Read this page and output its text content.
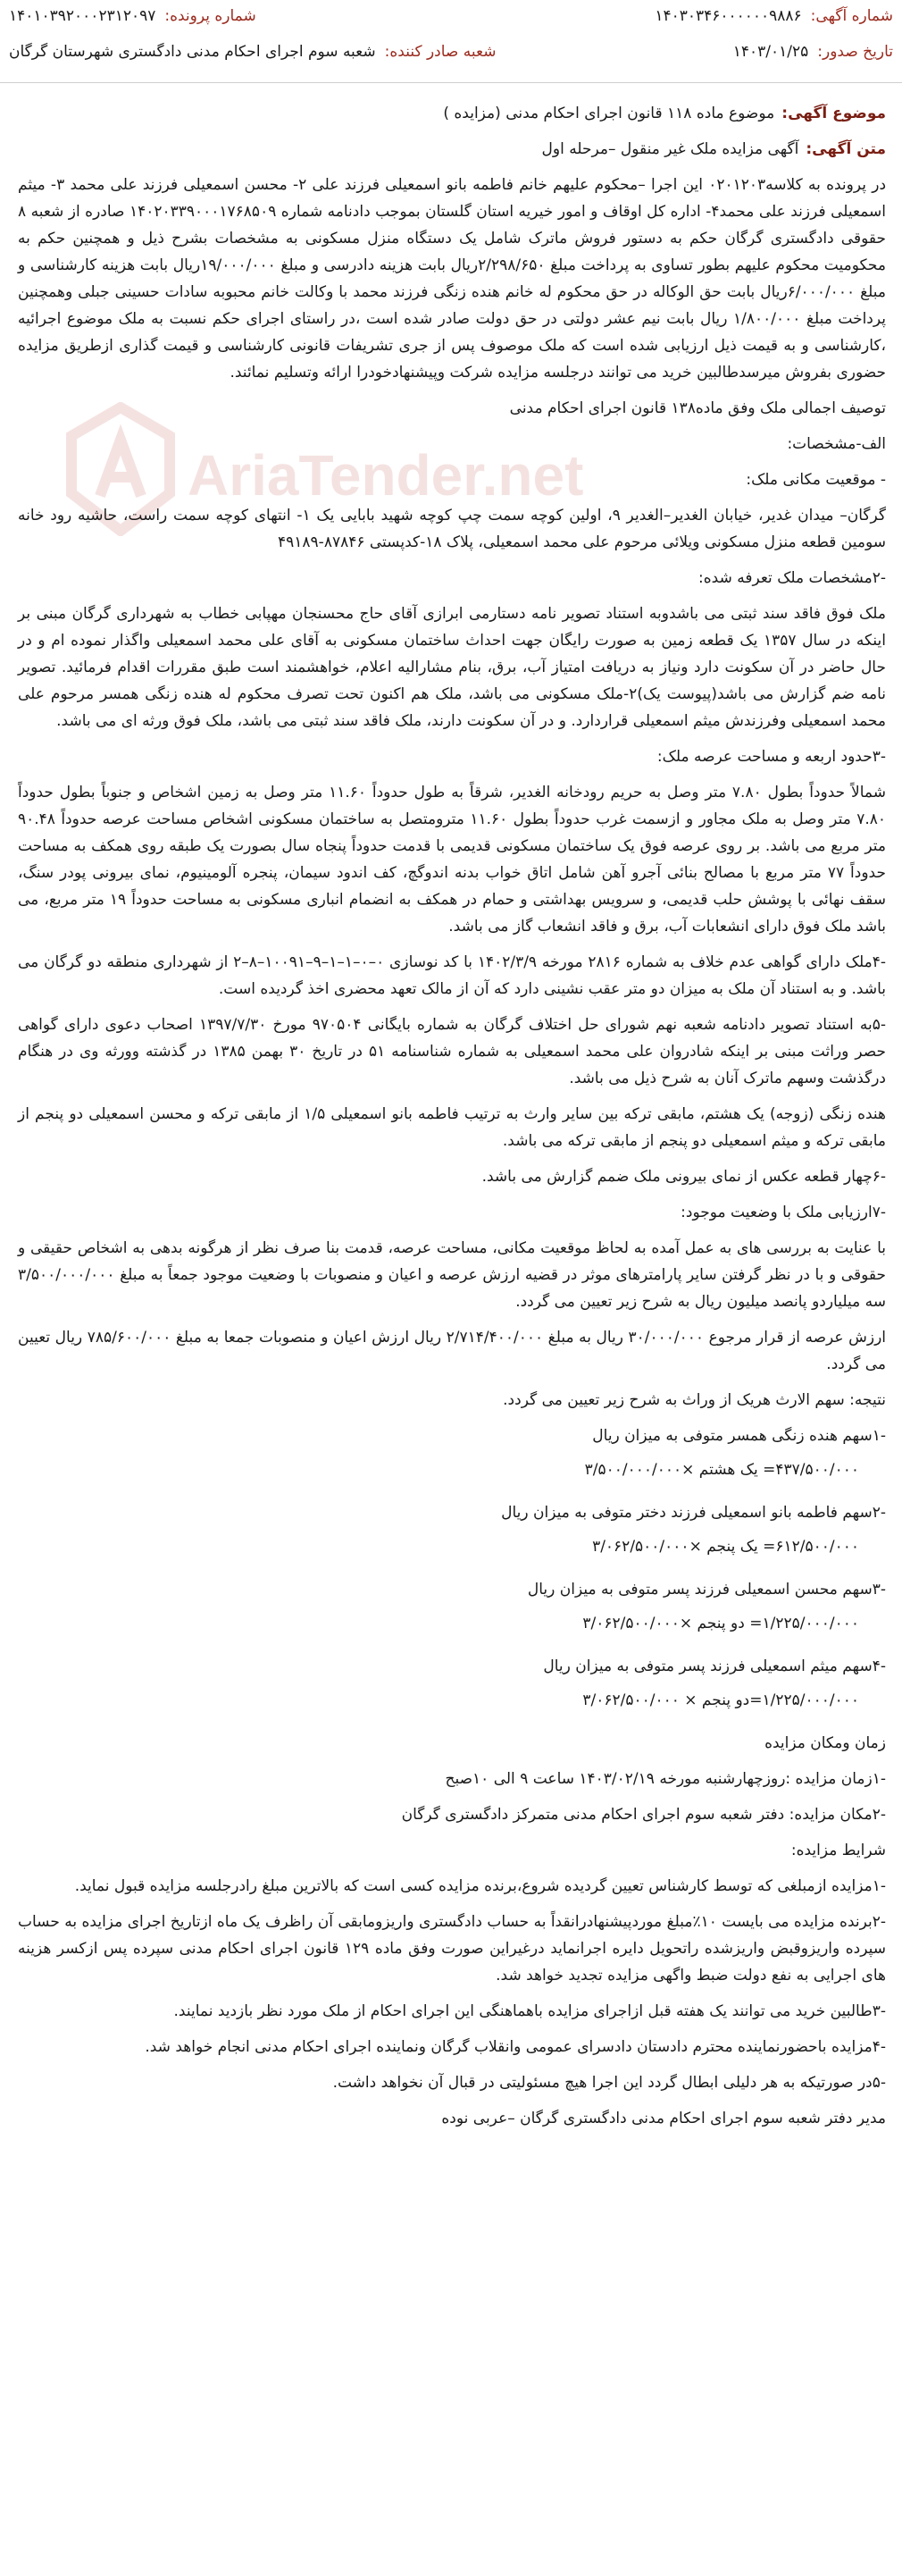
شماره آگهی:۱۴۰۳۰۳۴۶۰۰۰۰۰۰۹۸۸۶
شماره پرونده:۱۴۰۱۰۳۹۲۰۰۰۲۳۱۲۰۹۷
تاریخ صدور:۱۴۰۳/۰۱/۲۵
شعبه صادر کننده:شعبه سوم اجرای احکام مدنی دادگستری شهرستان گرگان
AriaTender.net

موضوع آگهی:موضوع ماده ۱۱۸ قانون اجرای احکام مدنی (مزایده )

متن آگهی:آگهی مزایده ملک غیر منقول –مرحله اول

در پرونده به کلاسه۰۲۰۱۲۰۳ این اجرا –محکوم علیهم خانم فاطمه بانو اسمعیلی فرزند علی ۲- محسن اسمعیلی فرزند علی محمد ۳- میثم اسمعیلی فرزند علی محمد۴- اداره کل اوقاف و امور خیریه استان گلستان بموجب دادنامه شماره ۱۴۰۲۰۳۳۹۰۰۰۱۷۶۸۵۰۹ صادره از شعبه ۸ حقوقی دادگستری گرگان حکم به دستور فروش ماترک شامل یک دستگاه منزل مسکونی به مشخصات بشرح ذیل و همچنین حکم به محکومیت محکوم علیهم بطور تساوی به پرداخت مبلغ ۲/۲۹۸/۶۵۰ریال بابت هزینه دادرسی و مبلغ ۱۹/۰۰۰/۰۰۰ریال بابت هزینه کارشناسی و مبلغ ۶/۰۰۰/۰۰۰ریال بابت حق الوکاله در حق محکوم له خانم هنده زنگی فرزند محمد با وکالت خانم محبوبه سادات حسینی جبلی وهمچنین پرداخت مبلغ ۱/۸۰۰/۰۰۰ ریال بابت نیم عشر دولتی در حق دولت صادر شده است ،در راستای اجرای حکم نسبت به ملک موضوع اجرائیه ،کارشناسی و به قیمت ذیل ارزیابی شده است که ملک موصوف پس از جری تشریفات قانونی کارشناسی و قیمت گذاری ازطریق مزایده حضوری بفروش میرسدطالبین خرید می توانند درجلسه مزایده شرکت وپیشنهادخودرا ارائه وتسلیم نمائند.

توصیف اجمالی ملک وفق ماده۱۳۸ قانون اجرای احکام مدنی

الف-مشخصات:

- موقعیت مکانی ملک:

گرگان– میدان غدیر، خیابان الغدیر–الغدیر ۹، اولین کوچه سمت چپ کوچه شهید بابایی یک ۱- انتهای کوچه سمت راست، حاشیه رود خانه سومین قطعه منزل مسکونی ویلائی مرحوم علی محمد اسمعیلی، پلاک ۱۸-کدپستی ۸۷۸۴۶-۴۹۱۸۹

-۲مشخصات ملک تعرفه شده:

ملک فوق فاقد سند ثبتی می باشدوبه استناد تصویر نامه دستارمی ابرازی آقای حاج محسنجان مهپابی خطاب به شهرداری گرگان مبنی بر اینکه در سال ۱۳۵۷ یک قطعه زمین به صورت رایگان جهت احداث ساختمان مسکونی به آقای علی محمد اسمعیلی واگذار نموده ام و در حال حاضر در آن سکونت دارد ونیاز به دریافت امتیاز آب، برق، بنام مشارالیه اعلام، خواهشمند است طبق مقررات اقدام فرمائید. تصویر نامه ضم گزارش می باشد(پیوست یک)۲-ملک مسکونی می باشد، ملک هم اکنون تحت تصرف محکوم له هنده زنگی همسر مرحوم علی محمد اسمعیلی وفرزندش میثم اسمعیلی قراردارد. و در آن سکونت دارند، ملک فاقد سند ثبتی می باشد، ملک فوق ورثه ای می باشد.

-۳حدود اربعه و مساحت عرصه ملک:

شمالاً حدوداً بطول ۷.۸۰ متر وصل به حریم رودخانه الغدیر، شرقاً به طول حدوداً ۱۱.۶۰ متر وصل به زمین اشخاص و جنوباً بطول حدوداً ۷.۸۰ متر وصل به ملک مجاور و ازسمت غرب حدوداً بطول ۱۱.۶۰ مترومتصل به ساختمان مسکونی اشخاص مساحت عرصه حدوداً ۹۰.۴۸ متر مربع می باشد. بر روی عرصه فوق یک ساختمان مسکونی قدیمی با قدمت حدوداً پنجاه سال بصورت یک طبقه روی همکف به مساحت حدوداً ۷۷ متر مربع با مصالح بنائی آجرو آهن شامل اتاق خواب بدنه اندوگچ، کف اندود سیمان، پنجره آلومینیوم، نمای بیرونی پودر سنگ، سقف نهائی با پوشش حلب قدیمی، و سرویس بهداشتی و حمام در همکف به انضمام انباری مسکونی به مساحت حدوداً ۱۹ متر مربع، می باشد ملک فوق دارای انشعابات آب، برق و فاقد انشعاب گاز می باشد.

-۴ملک دارای گواهی عدم خلاف به شماره ۲۸۱۶ مورخه ۱۴۰۲/۳/۹ با کد نوسازی ۰–۰–۱–۱–۹–۱۰۰۹۱–۸–۲ از شهرداری منطقه دو گرگان می باشد. و به استناد آن ملک به میزان دو متر عقب نشینی دارد که آن از مالک تعهد محضری اخذ گردیده است.

-۵به استناد تصویر دادنامه شعبه نهم شورای حل اختلاف گرگان به شماره بایگانی ۹۷۰۵۰۴ مورخ ۱۳۹۷/۷/۳۰ اصحاب دعوی دارای گواهی حصر وراثت مبنی بر اینکه شادروان علی محمد اسمعیلی به شماره شناسنامه ۵۱ در تاریخ ۳۰ بهمن ۱۳۸۵ در گذشته وورثه وی در هنگام درگذشت وسهم ماترک آنان به شرح ذیل می باشد.

هنده زنگی (زوجه) یک هشتم، مابقی ترکه بین سایر وارث به ترتیب فاطمه بانو اسمعیلی ۱/۵ از مابقی ترکه و محسن اسمعیلی دو پنجم از مابقی ترکه و میثم اسمعیلی دو پنجم از مابقی ترکه می باشد.

-۶چهار قطعه عکس از نمای بیرونی ملک ضمم گزارش می باشد.

-۷ارزیابی ملک با وضعیت موجود:

با عنایت به بررسی های به عمل آمده به لحاظ موقعیت مکانی، مساحت عرصه، قدمت بنا صرف نظر از هرگونه بدهی به اشخاص حقیقی و حقوقی و با در نظر گرفتن سایر پارامترهای موثر در قضیه ارزش عرصه و اعیان و منصوبات با وضعیت موجود جمعاً به مبلغ ۳/۵۰۰/۰۰۰/۰۰۰ سه میلیاردو پانصد میلیون ریال به شرح زیر تعیین می گردد.

ارزش عرصه از قرار مرجوع ۳۰/۰۰۰/۰۰۰ ریال به مبلغ ۲/۷۱۴/۴۰۰/۰۰۰ ریال ارزش اعیان و منصوبات جمعا به مبلغ ۷۸۵/۶۰۰/۰۰۰ ریال تعیین می گردد.

نتیجه: سهم الارث هریک از وراث به شرح زیر تعیین می گردد.

-۱سهم هنده زنگی همسر متوفی به میزان ریال

۴۳۷/۵۰۰/۰۰۰= یک هشتم ×۳/۵۰۰/۰۰۰/۰۰۰

-۲سهم فاطمه بانو اسمعیلی فرزند دختر متوفی به میزان ریال

۶۱۲/۵۰۰/۰۰۰= یک پنجم ×۳/۰۶۲/۵۰۰/۰۰۰

-۳سهم محسن اسمعیلی فرزند پسر متوفی به میزان ریال

۱/۲۲۵/۰۰۰/۰۰۰= دو پنجم ×۳/۰۶۲/۵۰۰/۰۰۰

-۴سهم میثم اسمعیلی فرزند پسر متوفی به میزان ریال

۱/۲۲۵/۰۰۰/۰۰۰=دو پنجم × ۳/۰۶۲/۵۰۰/۰۰۰

زمان ومکان مزایده

-۱زمان مزایده :روزچهارشنبه مورخه ۱۴۰۳/۰۲/۱۹ ساعت ۹ الی ۱۰صبح

-۲مکان مزایده: دفتر شعبه سوم اجرای احکام مدنی متمرکز دادگستری گرگان

شرایط مزایده:

-۱مزایده ازمبلغی که توسط کارشناس تعیین گردیده شروع،برنده مزایده کسی است که بالاترین مبلغ رادرجلسه مزایده قبول نماید.

-۲برنده مزایده می بایست ۱۰٪مبلغ موردپیشنهادرانقداً به حساب دادگستری واریزومابقی آن راظرف یک ماه ازتاریخ اجرای مزایده به حساب سپرده واریزوقبض واریزشده راتحویل دایره اجرانماید درغیراین صورت وفق ماده ۱۲۹ قانون اجرای احکام مدنی سپرده پس ازکسر هزینه های اجرایی به نفع دولت ضبط واگهی مزایده تجدید خواهد شد.

-۳طالبین خرید می توانند یک هفته قبل ازاجرای مزایده باهماهنگی این اجرای احکام از ملک مورد نظر بازدید نمایند.

-۴مزایده باحضورنماینده محترم دادستان دادسرای عمومی وانقلاب گرگان ونماینده اجرای احکام مدنی انجام خواهد شد.

-۵در صورتیکه به هر دلیلی ابطال گردد این اجرا هیچ مسئولیتی در قبال آن نخواهد داشت.

مدیر دفتر شعبه سوم اجرای احکام مدنی دادگستری گرگان –عربی نوده
